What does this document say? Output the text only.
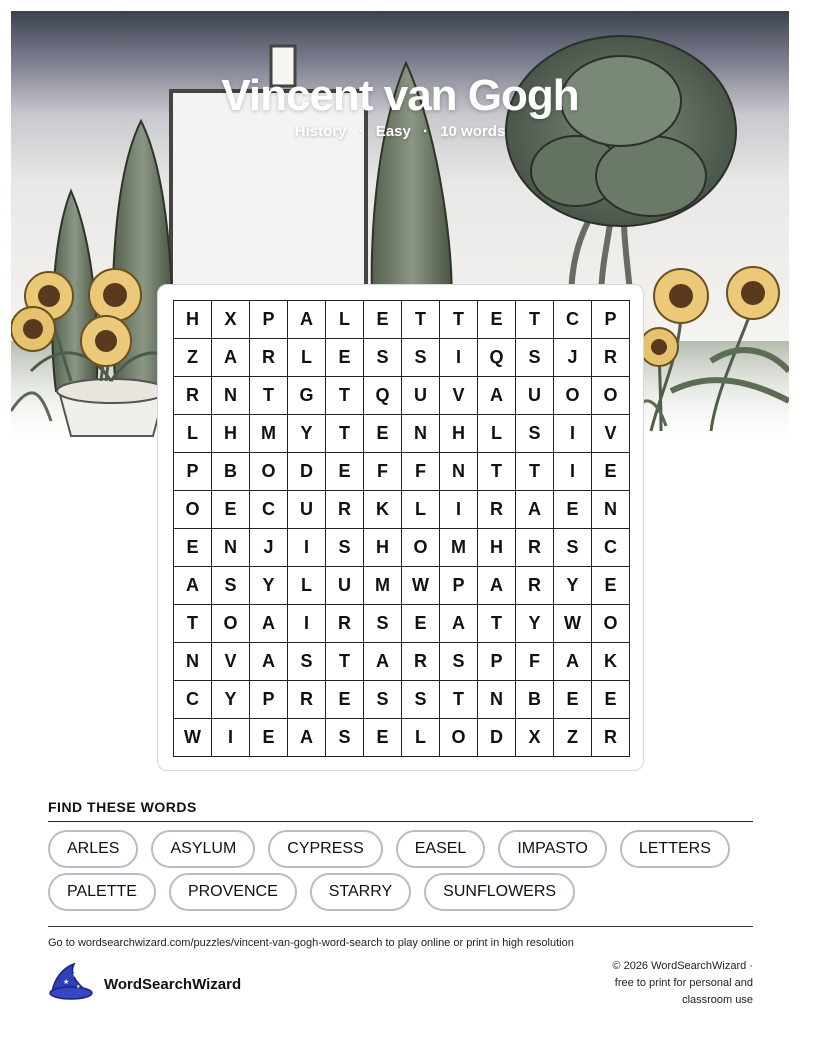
Vincent van Gogh
History · Easy · 10 words
H	X	P	A	L	E	T	T	E	T	C	P
Z	A	R	L	E	S	S	I	Q	S	J	R
R	N	T	G	T	Q	U	V	A	U	O	O
L	H	M	Y	T	E	N	H	L	S	I	V
P	B	O	D	E	F	F	N	T	T	I	E
O	E	C	U	R	K	L	I	R	A	E	N
E	N	J	I	S	H	O	M	H	R	S	C
A	S	Y	L	U	M	W	P	A	R	Y	E
T	O	A	I	R	S	E	A	T	Y	W	O
N	V	A	S	T	A	R	S	P	F	A	K
C	Y	P	R	E	S	S	T	N	B	E	E
W	I	E	A	S	E	L	O	D	X	Z	R
FIND THESE WORDS
ARLES	ASYLUM	CYPRESS	EASEL	IMPASTO	LETTERS
PALETTE	PROVENCE	STARRY	SUNFLOWERS
Go to wordsearchwizard.com/puzzles/vincent-van-gogh-word-search to play online or print in high resolution
★
★
★ WordSearchWizard
© 2026 WordSearchWizard ·
free to print for personal and
classroom use
